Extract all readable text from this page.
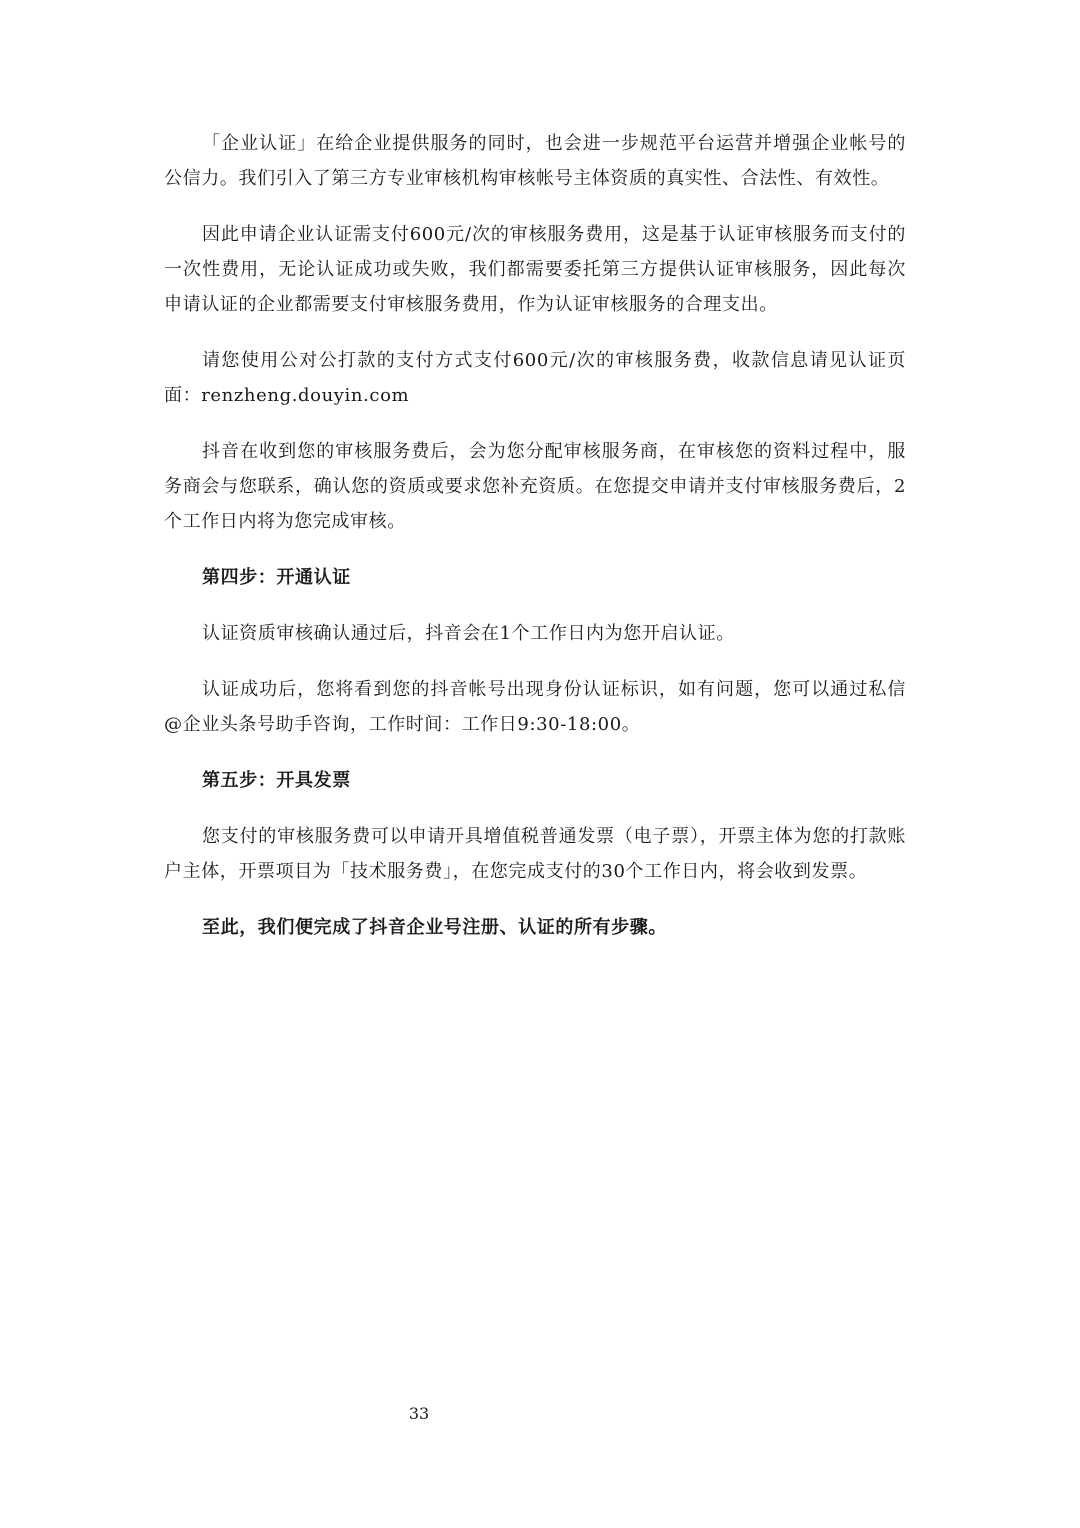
「企业认证」在给企业提供服务的同时，也会进一步规范平台运营并增强企业帐号的公信力。我们引入了第三方专业审核机构审核帐号主体资质的真实性、合法性、有效性。

因此申请企业认证需支付600元/次的审核服务费用，这是基于认证审核服务而支付的一次性费用，无论认证成功或失败，我们都需要委托第三方提供认证审核服务，因此每次申请认证的企业都需要支付审核服务费用，作为认证审核服务的合理支出。

请您使用公对公打款的支付方式支付600元/次的审核服务费，收款信息请见认证页面：renzheng.douyin.com

抖音在收到您的审核服务费后，会为您分配审核服务商，在审核您的资料过程中，服务商会与您联系，确认您的资质或要求您补充资质。在您提交申请并支付审核服务费后，2个工作日内将为您完成审核。

第四步：开通认证

认证资质审核确认通过后，抖音会在1个工作日内为您开启认证。

认证成功后，您将看到您的抖音帐号出现身份认证标识，如有问题，您可以通过私信@企业头条号助手咨询，工作时间：工作日9:30-18:00。

第五步：开具发票

您支付的审核服务费可以申请开具增值税普通发票（电子票），开票主体为您的打款账户主体，开票项目为「技术服务费」，在您完成支付的30个工作日内，将会收到发票。

至此，我们便完成了抖音企业号注册、认证的所有步骤。

33
